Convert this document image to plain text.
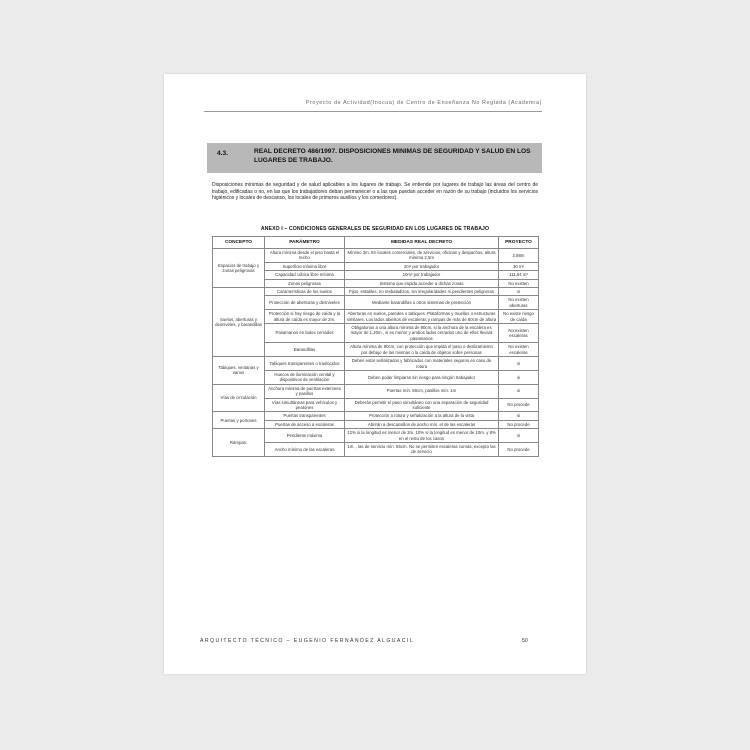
Proyecto de Actividad(Inocua) de Centro de Enseñanza No Reglada (Academia)
4.3.	REAL DECRETO 486/1997. DISPOSICIONES MINIMAS DE SEGURIDAD Y SALUD EN LOS LUGARES DE TRABAJO.
Disposiciones mínimas de seguridad y de salud aplicables a los lugares de trabajo. Se entiende por lugares de trabajo las áreas del centro de trabajo, edificadas o no, en las que los trabajadores deban permanecer o a las que puedan acceder en razón de su trabajo (incluidos los servicios higiénicos y locales de descanso, los locales de primeros auxilios y los comedores).
ANEXO I – CONDICIONES GENERALES DE SEGURIDAD EN LOS LUGARES DE TRABAJO
CONCEPTO	PARÁMETRO	MEDIDAS REAL DECRETO	PROYECTO
Espacios de trabajo y zonas peligrosas	Altura mínima desde el piso hasta el techo	Mínimo 3m. En locales comerciales, de servicios, oficinas y despachos, altura mínima 2,5m	2,88m
	Superficie mínima libre	2m² por trabajador	30 m²
	Capacidad cúbica libre mínima	10m³ por trabajador	111,54 m³
	Zonas peligrosas	Sistema que impida acceder a dichas zonas	No existen
Suelos, aberturas y desniveles, y barandillas	Características de los suelos	Fijos, estables, no resbaladizos, sin irregularidades ni pendientes peligrosas	si
	Protección de aberturas y desniveles	Mediante barandillas u otros sistemas de protección	No existen aberturas
	Protección si hay riesgo de caída y la altura de caída es mayor de 2m.	Aberturas en suelos, paredes o tabiques. Plataformas y muelles o estructuras similares. Los lados abiertos de escaleras y rampas de más de 60cm de altura	No existe riesgo de caída
	Pasamanos en lados cerrados	Obligatorios a una altura mínima de 90cm, si la anchura de la escalera es mayor de 1,20m., si es menor y ambos lados cerrados uno de ellos llevará pasamanos	No existen escaleras
	Barandillas	Altura mínima de 90cm, con protección que impida el paso o deslizamiento por debajo de las mismas o la caída de objetos sobre personas	No existen escaleras
Tabiques, ventanas y vanos	Tabiques transparentes o traslúcidos	Deben estar señalizados y fabricados con materiales seguros en caso de rotura	si
	Huecos de iluminación cenital y dispositivos de ventilación	Deben poder limpiarse sin riesgo para ningún trabajador	si
Vías de circulación	Anchura mínima de puertas exteriores y pasillos	Puertas mín. 80cm, pasillos mín. 1m	si
	Vías simultáneas para vehículos y peatones	Deberán permitir el paso simultáneo con una separación de seguridad suficiente	No procede
Puertas y portones	Puertas transparentes	Protección a rotura y señalización a la altura de la vista	si
	Puertas de acceso a escaleras	Abrirán a descansillos de ancho mín. el de las escaleras	No procede
Rampas,	Pendiente máxima	12% si la longitud es menor de 3m. 10% si la longitud es menor de 10m. y 8% en el resto de los casos	si
	Ancho mínimo de las escaleras	1m. , las de servicio mín. 55cm. No se permiten escaleras curvas, excepto las de servicio	No procede
ARQUITECTO TÉCNICO – EUGENIO FERNÁNDEZ ALGUACIL	50
